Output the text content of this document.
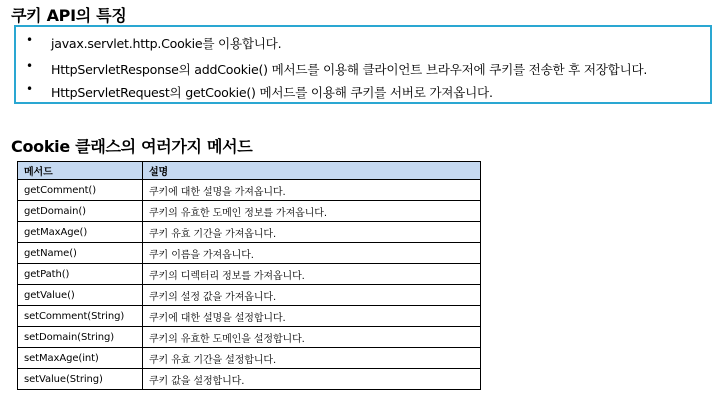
쿠키 API의 특징
• javax.servlet.http.Cookie를 이용합니다.
• HttpServletResponse의 addCookie() 메서드를 이용해 클라이언트 브라우저에 쿠키를 전송한 후 저장합니다.
• HttpServletRequest의 getCookie() 메서드를 이용해 쿠키를 서버로 가져옵니다.
Cookie 클래스의 여러가지 메서드
메서드	설명
getComment()	쿠키에 대한 설명을 가져옵니다.
getDomain()	쿠키의 유효한 도메인 정보를 가져옵니다.
getMaxAge()	쿠키 유효 기간을 가져옵니다.
getName()	쿠키 이름을 가져옵니다.
getPath()	쿠키의 디렉터리 정보를 가져옵니다.
getValue()	쿠키의 설정 값을 가져옵니다.
setComment(String)	쿠키에 대한 설명을 설정합니다.
setDomain(String)	쿠키의 유효한 도메인을 설정합니다.
setMaxAge(int)	쿠키 유효 기간을 설정합니다.
setValue(String)	쿠키 값을 설정합니다.
